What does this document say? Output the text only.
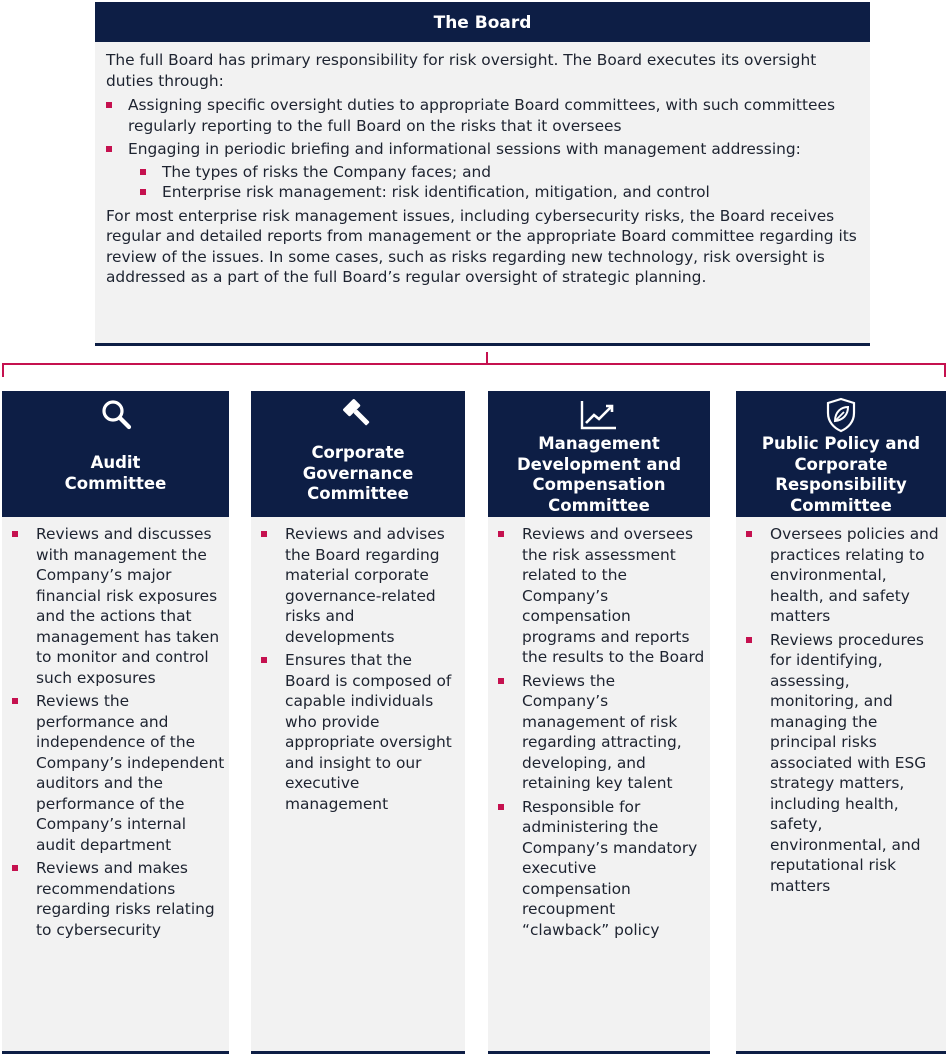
The Board

The full Board has primary responsibility for risk oversight. The Board executes its oversight duties through:

Assigning specific oversight duties to appropriate Board committees, with such committees regularly reporting to the full Board on the risks that it oversees
Engaging in periodic briefing and informational sessions with management addressing:
The types of risks the Company faces; and
Enterprise risk management: risk identification, mitigation, and control

For most enterprise risk management issues, including cybersecurity risks, the Board receives regular and detailed reports from management or the appropriate Board committee regarding its review of the issues. In some cases, such as risks regarding new technology, risk oversight is addressed as a part of the full Board’s regular oversight of strategic planning.

Audit Committee
Reviews and discusses with management the Company’s major financial risk exposures and the actions that management has taken to monitor and control such exposures
Reviews the performance and independence of the Company’s independent auditors and the performance of the Company’s internal audit department
Reviews and makes recommendations regarding risks relating to cybersecurity
Corporate Governance Committee
Reviews and advises the Board regarding material corporate governance-related risks and developments
Ensures that the Board is composed of capable individuals who provide appropriate oversight and insight to our executive management
Management Development and Compensation Committee
Reviews and oversees the risk assessment related to the Company’s compensation programs and reports the results to the Board
Reviews the Company’s management of risk regarding attracting, developing, and retaining key talent
Responsible for administering the Company’s mandatory executive compensation recoupment “clawback” policy
Public Policy and Corporate Responsibility Committee
Oversees policies and practices relating to environmental, health, and safety matters
Reviews procedures for identifying, assessing, monitoring, and managing the principal risks associated with ESG strategy matters, including health, safety, environmental, and reputational risk matters
